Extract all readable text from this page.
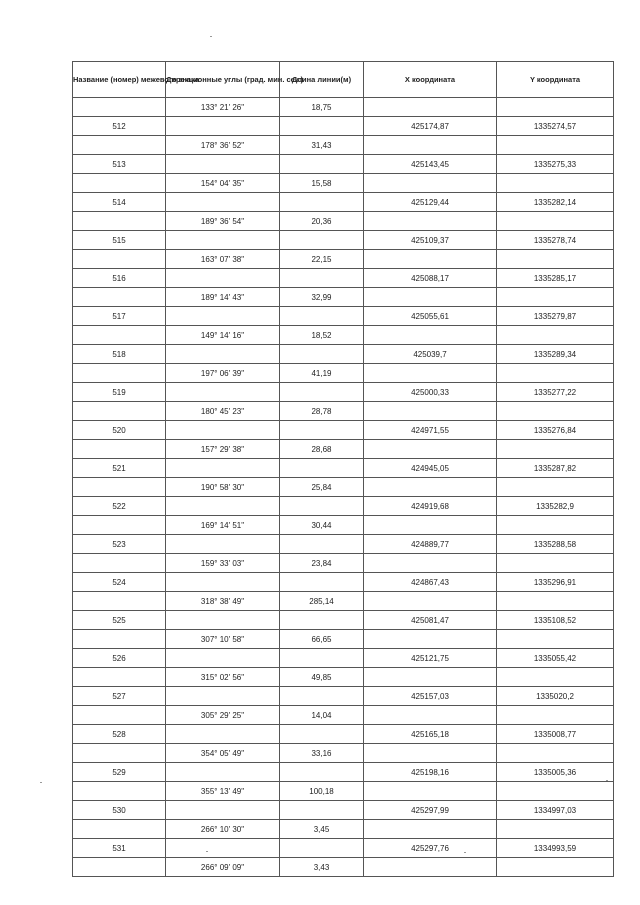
Название (номер) межевого знака	Дирекционные углы (град. мин. сек.)	Длина линии(м)	X координата	Y координата
	133° 21' 26"	18,75		
512			425174,87	1335274,57
	178° 36' 52"	31,43		
513			425143,45	1335275,33
	154° 04' 35"	15,58		
514			425129,44	1335282,14
	189° 36' 54"	20,36		
515			425109,37	1335278,74
	163° 07' 38"	22,15		
516			425088,17	1335285,17
	189° 14' 43"	32,99		
517			425055,61	1335279,87
	149° 14' 16"	18,52		
518			425039,7	1335289,34
	197° 06' 39"	41,19		
519			425000,33	1335277,22
	180° 45' 23"	28,78		
520			424971,55	1335276,84
	157° 29' 38"	28,68		
521			424945,05	1335287,82
	190° 58' 30"	25,84		
522			424919,68	1335282,9
	169° 14' 51"	30,44		
523			424889,77	1335288,58
	159° 33' 03"	23,84		
524			424867,43	1335296,91
	318° 38' 49"	285,14		
525			425081,47	1335108,52
	307° 10' 58"	66,65		
526			425121,75	1335055,42
	315° 02' 56"	49,85		
527			425157,03	1335020,2
	305° 29' 25"	14,04		
528			425165,18	1335008,77
	354° 05' 49"	33,16		
529			425198,16	1335005,36
	355° 13' 49"	100,18		
530			425297,99	1334997,03
	266° 10' 30"	3,45		
531			425297,76	1334993,59
	266° 09' 09"	3,43		
